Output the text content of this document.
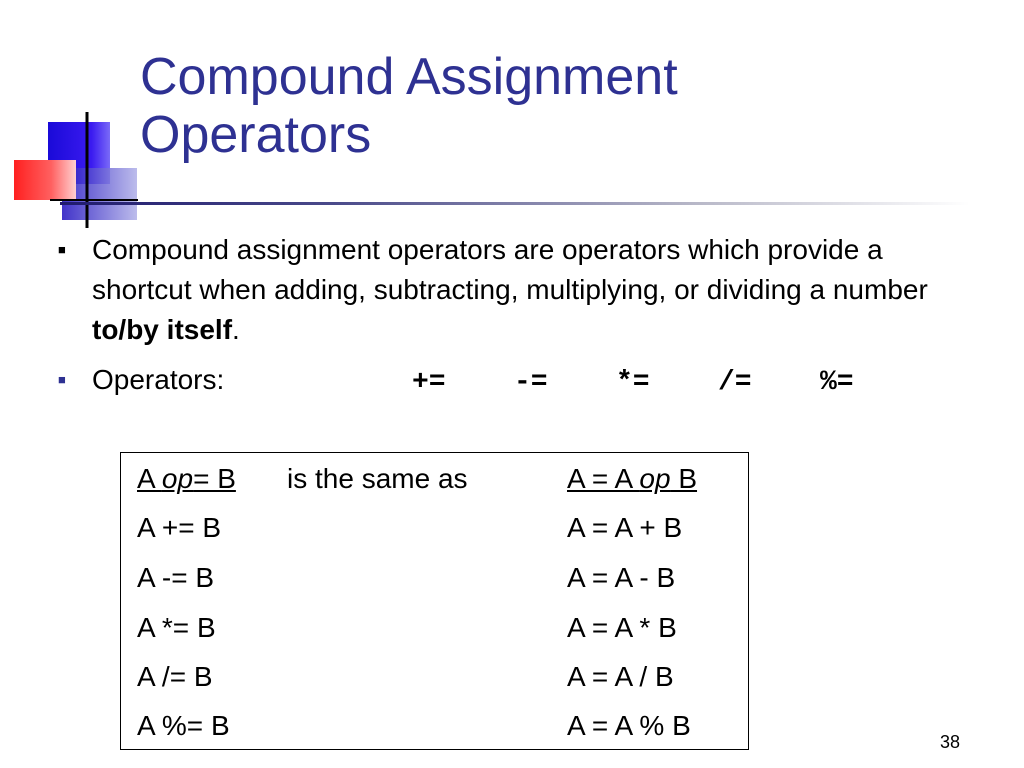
Compound Assignment
Operators
■ Compound assignment operators are operators which provide a shortcut when adding, subtracting, multiplying, or dividing a number to/by itself.
■ Operators:	+= -= *= /= %=
A op= B is the same as	A = A op B
A += B	A = A + B
A -= B	A = A - B
A *= B	A = A * B
A /= B	A = A / B
A %= B	A = A % B
38
